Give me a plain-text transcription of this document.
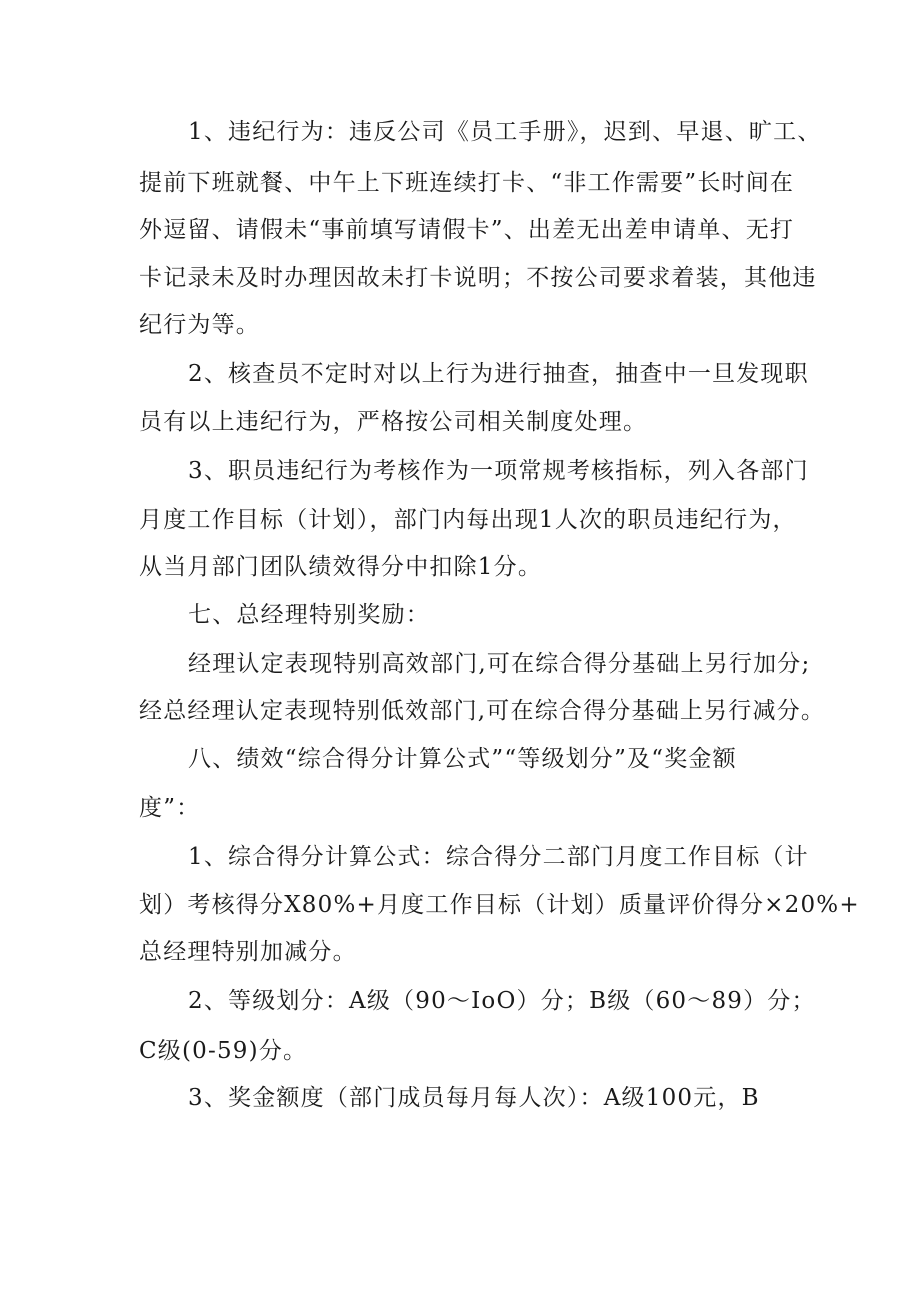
1、违纪行为：违反公司《员工手册》，迟到、早退、旷工、
提前下班就餐、中午上下班连续打卡、“非工作需要”长时间在
外逗留、请假未“事前填写请假卡”、出差无出差申请单、无打
卡记录未及时办理因故未打卡说明；不按公司要求着装，其他违
纪行为等。
2、核查员不定时对以上行为进行抽查，抽查中一旦发现职
员有以上违纪行为，严格按公司相关制度处理。
3、职员违纪行为考核作为一项常规考核指标，列入各部门
月度工作目标（计划），部门内每出现1人次的职员违纪行为，
从当月部门团队绩效得分中扣除1分。
七、总经理特别奖励：
经理认定表现特别高效部门,可在综合得分基础上另行加分;
经总经理认定表现特别低效部门,可在综合得分基础上另行减分。
八、绩效“综合得分计算公式”“等级划分”及“奖金额
度”：
1、综合得分计算公式：综合得分二部门月度工作目标（计
划）考核得分X80%+月度工作目标（计划）质量评价得分×20%+
总经理特别加减分。
2、等级划分：A级（90～IoO）分；B级（60～89）分；
C级(0-59)分。
3、奖金额度（部门成员每月每人次）：A级100元，B
